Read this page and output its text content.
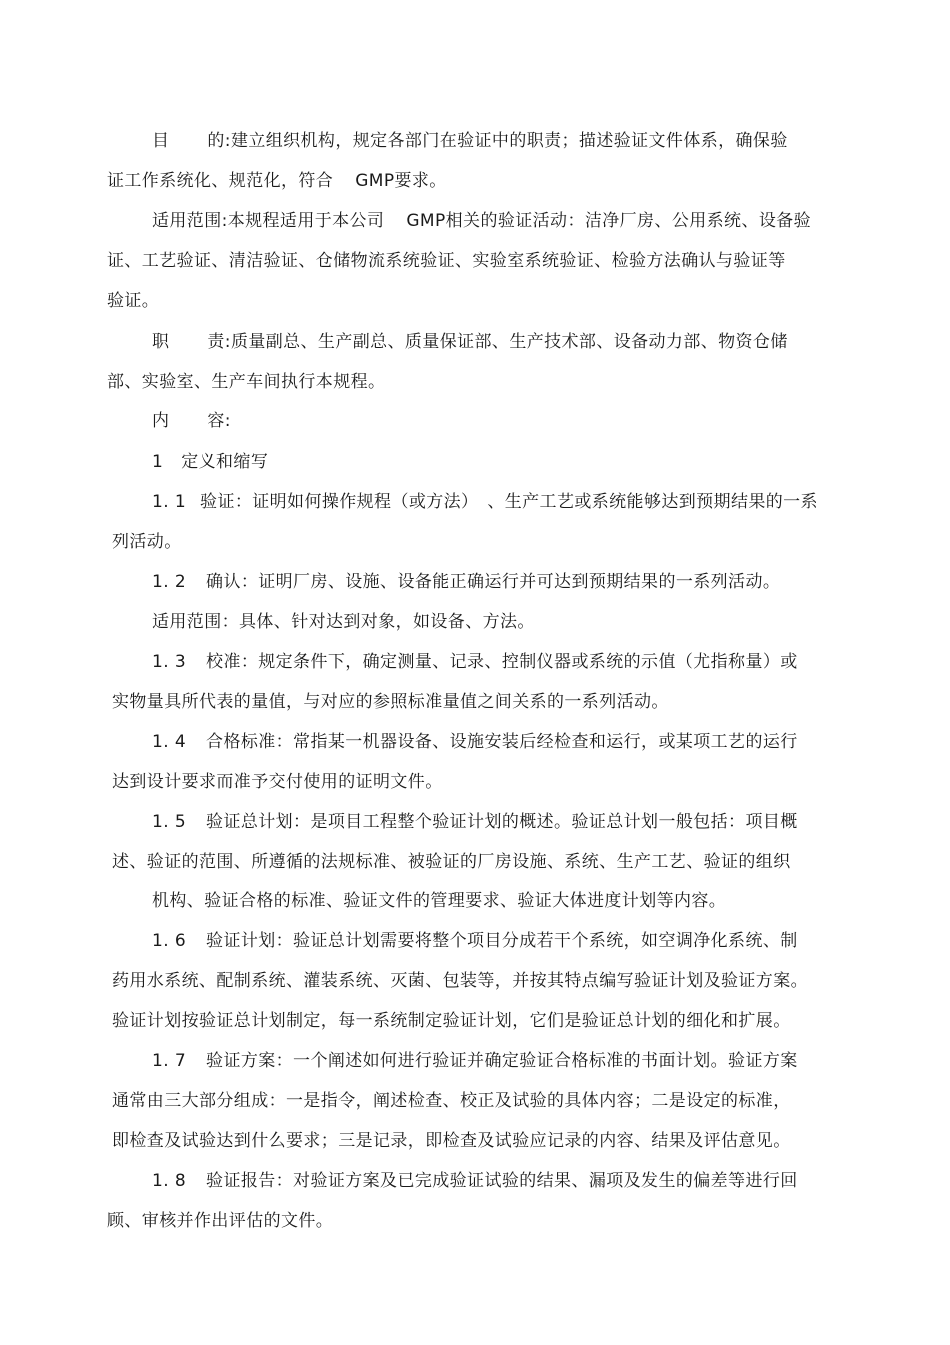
目 的:建立组织机构，规定各部门在验证中的职责；描述验证文件体系，确保验
证工作系统化、规范化，符合 GMP要求。
适用范围:本规程适用于本公司 GMP相关的验证活动：洁净厂房、公用系统、设备验
证、工艺验证、清洁验证、仓储物流系统验证、实验室系统验证、检验方法确认与验证等
验证。
职 责:质量副总、生产副总、质量保证部、生产技术部、设备动力部、物资仓储
部、实验室、生产车间执行本规程。
内 容:
1 定义和缩写
1. 1 验证：证明如何操作规程（或方法）　、生产工艺或系统能够达到预期结果的一系
列活动。
1. 2 确认：证明厂房、设施、设备能正确运行并可达到预期结果的一系列活动。
适用范围：具体、针对达到对象，如设备、方法。
1. 3 校准：规定条件下，确定测量、记录、控制仪器或系统的示值（尤指称量）或
实物量具所代表的量值，与对应的参照标准量值之间关系的一系列活动。
1. 4 合格标准：常指某一机器设备、设施安装后经检查和运行，或某项工艺的运行
达到设计要求而准予交付使用的证明文件。
1. 5 验证总计划：是项目工程整个验证计划的概述。验证总计划一般包括：项目概
述、验证的范围、所遵循的法规标准、被验证的厂房设施、系统、生产工艺、验证的组织
机构、验证合格的标准、验证文件的管理要求、验证大体进度计划等内容。
1. 6 验证计划：验证总计划需要将整个项目分成若干个系统，如空调净化系统、制
药用水系统、配制系统、灌装系统、灭菌、包装等，并按其特点编写验证计划及验证方案。
验证计划按验证总计划制定，每一系统制定验证计划，它们是验证总计划的细化和扩展。
1. 7 验证方案：一个阐述如何进行验证并确定验证合格标准的书面计划。验证方案
通常由三大部分组成：一是指令，阐述检查、校正及试验的具体内容；二是设定的标准，
即检查及试验达到什么要求；三是记录，即检查及试验应记录的内容、结果及评估意见。
1. 8 验证报告：对验证方案及已完成验证试验的结果、漏项及发生的偏差等进行回
顾、审核并作出评估的文件。
